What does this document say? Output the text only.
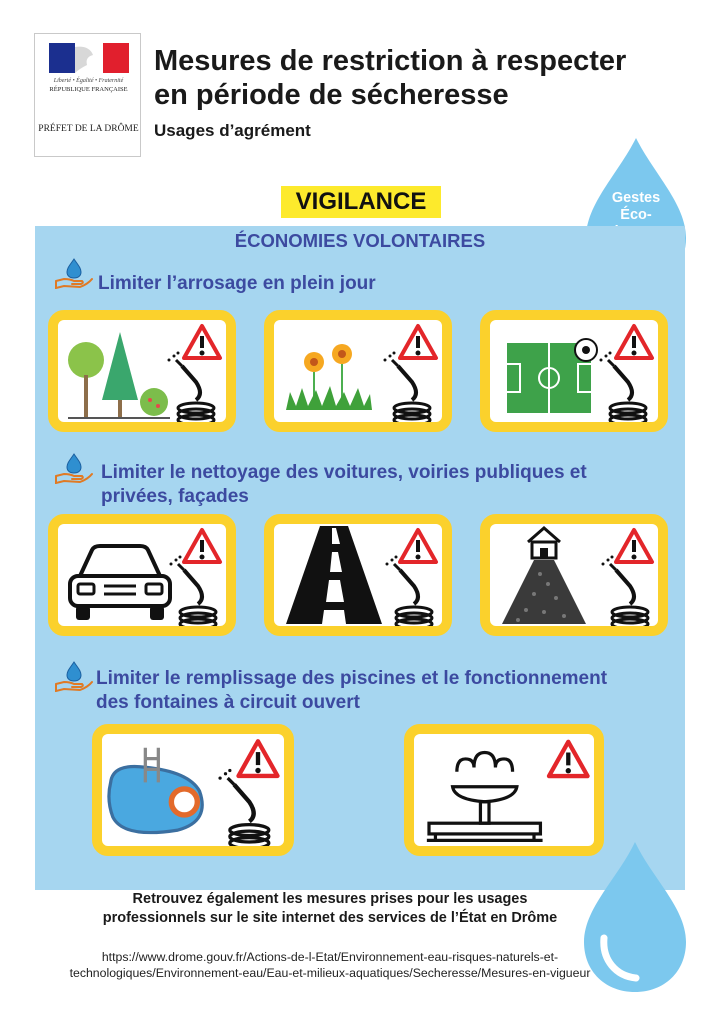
Liberté • Égalité • Fraternité
RÉPUBLIQUE FRANÇAISE
PRÉFET DE LA DRÔME
Mesures de restriction à respecter
en période de sécheresse
Usages d’agrément
Gestes
Éco-
VIGILANCE
ÉCONOMIES VOLONTAIRES
Limiter l’arrosage en plein jour
Limiter le nettoyage des voitures, voiries publiques et
privées, façades
Limiter le remplissage des piscines et le fonctionnement
des fontaines à circuit ouvert
Retrouvez également les mesures prises pour les usages
professionnels sur le site internet des services de l’État en Drôme
https://www.drome.gouv.fr/Actions-de-l-Etat/Environnement-eau-risques-naturels-et-
technologiques/Environnement-eau/Eau-et-milieux-aquatiques/Secheresse/Mesures-en-vigueur
